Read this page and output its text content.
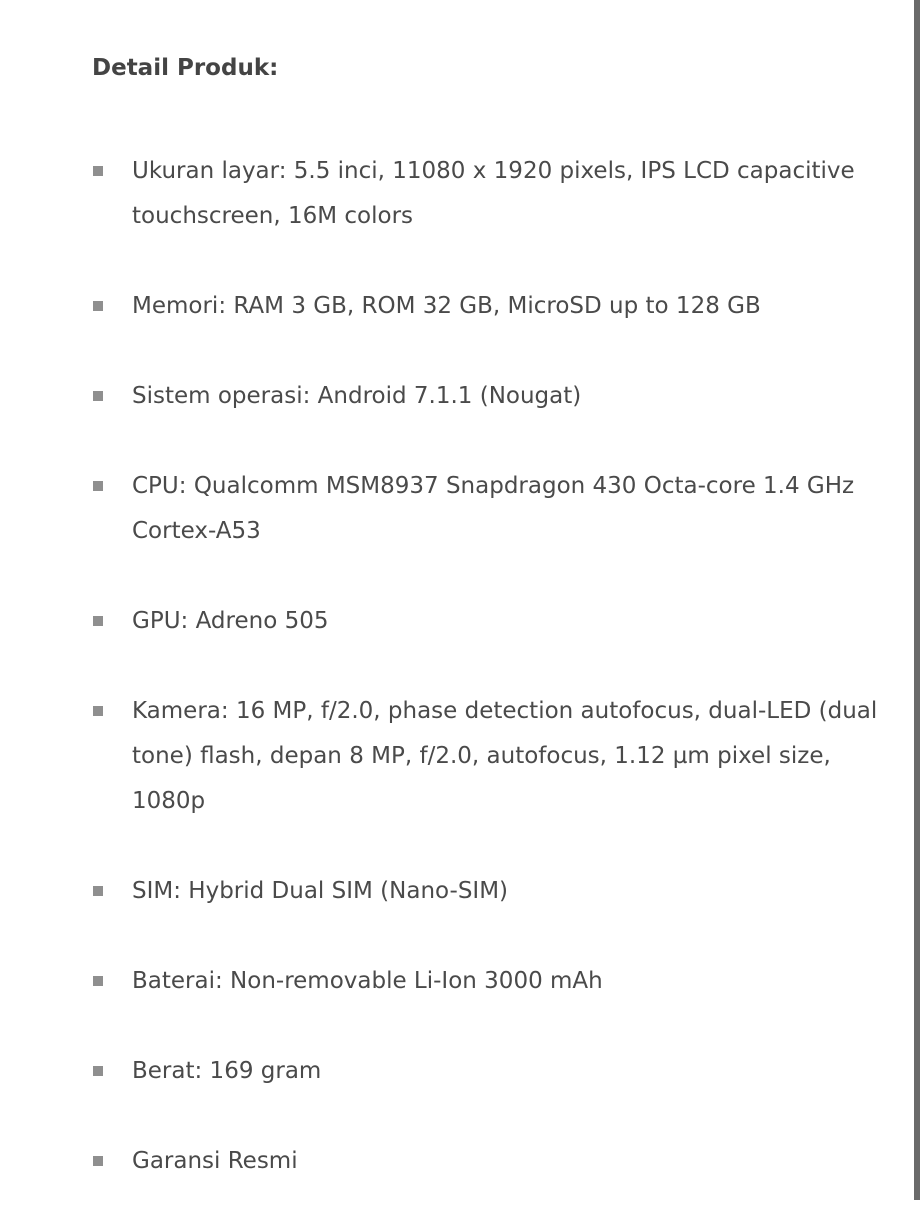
Detail Produk:
Ukuran layar: 5.5 inci, 11080 x 1920 pixels, IPS LCD capacitive touchscreen, 16M colors
Memori: RAM 3 GB, ROM 32 GB, MicroSD up to 128 GB
Sistem operasi: Android 7.1.1 (Nougat)
CPU: Qualcomm MSM8937 Snapdragon 430 Octa-core 1.4 GHz Cortex-A53
GPU: Adreno 505
Kamera: 16 MP, f/2.0, phase detection autofocus, dual-LED (dual tone) flash, depan 8 MP, f/2.0, autofocus, 1.12 µm pixel size, 1080p
SIM: Hybrid Dual SIM (Nano-SIM)
Baterai: Non-removable Li-Ion 3000 mAh
Berat: 169 gram
Garansi Resmi
